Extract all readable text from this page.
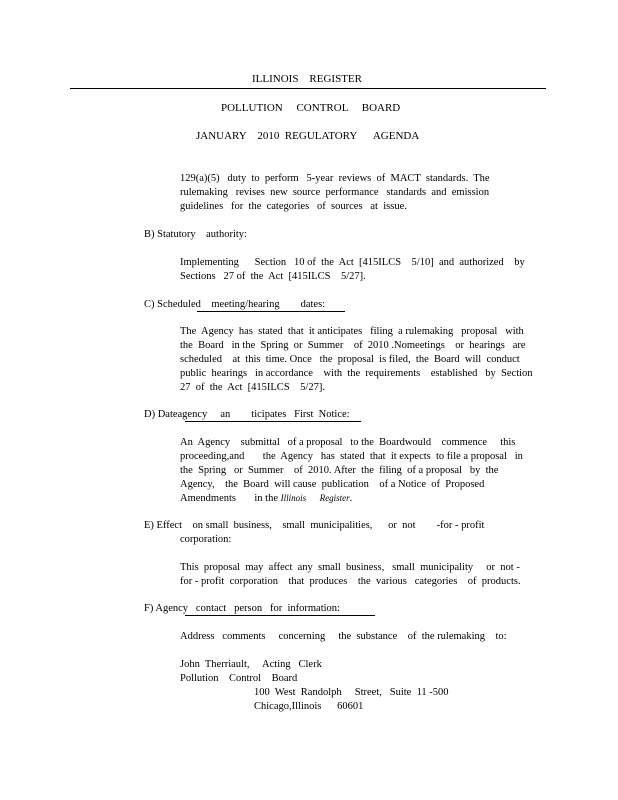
ILLINOIS    REGISTER
POLLUTION     CONTROL     BOARD
JANUARY    2010  REGULATORY      AGENDA
129(a)(5)   duty  to  perform   5-year  reviews  of  MACT  standards.  The
rulemaking   revises  new  source  performance   standards  and  emission
guidelines   for  the  categories   of  sources   at  issue.
B) Statutory    authority:
Implementing      Section   10 of  the  Act  [415ILCS    5/10]  and  authorized    by
Sections   27 of  the  Act  [415ILCS    5/27].
C) Scheduled    meeting/hearing        dates:
The  Agency  has  stated  that  it anticipates   filing  a rulemaking   proposal   with
the  Board   in the  Spring  or  Summer    of  2010 .Nomeetings    or  hearings   are
scheduled    at  this  time. Once   the  proposal  is filed,  the  Board  will  conduct
public  hearings   in accordance    with  the  requirements    established   by  Section
27  of  the  Act  [415ILCS    5/27].
D) Dateagency     an        ticipates   First  Notice:
An  Agency    submittal   of a proposal   to the  Boardwould    commence     this
proceeding,and       the  Agency   has  stated  that  it expects  to file a proposal   in
the  Spring   or  Summer    of  2010. After  the  filing  of a proposal   by  the
Agency,    the  Board  will cause  publication    of a Notice  of  Proposed
Amendments       in the Illinois      Register.
E) Effect    on small  business,    small  municipalities,      or  not        -for - profit
corporation:
This  proposal  may  affect  any  small  business,   small  municipality     or  not -
for - profit  corporation    that  produces    the  various   categories    of  products.
F) Agency   contact   person   for  information:
Address   comments     concerning     the  substance    of  the rulemaking    to:
John  Therriault,     Acting   Clerk
Pollution    Control    Board
100  West  Randolph     Street,   Suite  11 -500
Chicago,Illinois      60601
